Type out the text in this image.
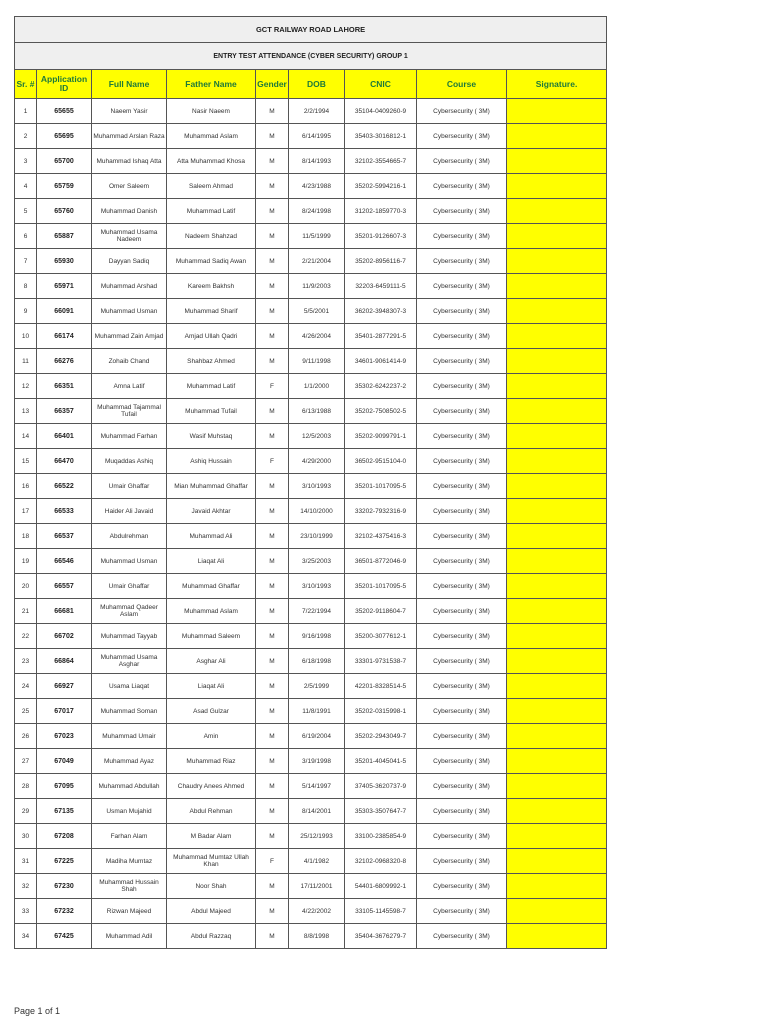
GCT RAILWAY ROAD LAHORE								
ENTRY TEST ATTENDANCE (CYBER SECURITY) GROUP 1								
Sr. #	Application ID	Full Name	Father Name	Gender	DOB	CNIC	Course	Signature.
1	65655	Naeem Yasir	Nasir Naeem	M	2/2/1994	35104-0409260-9	Cybersecurity ( 3M)	
2	65695	Muhammad Arslan Raza	Muhammad Aslam	M	6/14/1995	35403-3016812-1	Cybersecurity ( 3M)	
3	65700	Muhammad Ishaq Atta	Atta Muhammad Khosa	M	8/14/1993	32102-3554665-7	Cybersecurity ( 3M)	
4	65759	Omer Saleem	Saleem Ahmad	M	4/23/1988	35202-5994216-1	Cybersecurity ( 3M)	
5	65760	Muhammad Danish	Muhammad Latif	M	8/24/1998	31202-1859770-3	Cybersecurity ( 3M)	
6	65887	Muhammad Usama Nadeem	Nadeem Shahzad	M	11/5/1999	35201-9126607-3	Cybersecurity ( 3M)	
7	65930	Dayyan Sadiq	Muhammad Sadiq Awan	M	2/21/2004	35202-8956116-7	Cybersecurity ( 3M)	
8	65971	Muhammad Arshad	Kareem Bakhsh	M	11/9/2003	32203-6459111-5	Cybersecurity ( 3M)	
9	66091	Muhammad Usman	Muhammad Sharif	M	5/5/2001	36202-3948307-3	Cybersecurity ( 3M)	
10	66174	Muhammad Zain Amjad	Amjad Ullah Qadri	M	4/26/2004	35401-2877291-5	Cybersecurity ( 3M)	
11	66276	Zohaib Chand	Shahbaz Ahmed	M	9/11/1998	34601-9061414-9	Cybersecurity ( 3M)	
12	66351	Amna Latif	Muhammad Latif	F	1/1/2000	35302-6242237-2	Cybersecurity ( 3M)	
13	66357	Muhammad Tajammal Tufail	Muhammad Tufail	M	6/13/1988	35202-7508502-5	Cybersecurity ( 3M)	
14	66401	Muhammad Farhan	Wasif Muhstaq	M	12/5/2003	35202-9099791-1	Cybersecurity ( 3M)	
15	66470	Muqaddas Ashiq	Ashiq Hussain	F	4/29/2000	36502-9515104-0	Cybersecurity ( 3M)	
16	66522	Umair Ghaffar	Mian Muhammad Ghaffar	M	3/10/1993	35201-1017095-5	Cybersecurity ( 3M)	
17	66533	Haider Ali Javaid	Javaid Akhtar	M	14/10/2000	33202-7932316-9	Cybersecurity ( 3M)	
18	66537	Abdulrehman	Muhammad Ali	M	23/10/1999	32102-4375416-3	Cybersecurity ( 3M)	
19	66546	Muhammad Usman	Liaqat Ali	M	3/25/2003	36501-8772046-9	Cybersecurity ( 3M)	
20	66557	Umair Ghaffar	Muhammad Ghaffar	M	3/10/1993	35201-1017095-5	Cybersecurity ( 3M)	
21	66681	Muhammad Qadeer Aslam	Muhammad Aslam	M	7/22/1994	35202-9118604-7	Cybersecurity ( 3M)	
22	66702	Muhammad Tayyab	Muhammad Saleem	M	9/16/1998	35200-3077612-1	Cybersecurity ( 3M)	
23	66864	Muhammad Usama Asghar	Asghar Ali	M	6/18/1998	33301-9731538-7	Cybersecurity ( 3M)	
24	66927	Usama Liaqat	Liaqat Ali	M	2/5/1999	42201-8328514-5	Cybersecurity ( 3M)	
25	67017	Muhammad Soman	Asad Gulzar	M	11/8/1991	35202-0315998-1	Cybersecurity ( 3M)	
26	67023	Muhammad Umair	Amin	M	6/19/2004	35202-2943049-7	Cybersecurity ( 3M)	
27	67049	Muhammad Ayaz	Muhammad Riaz	M	3/19/1998	35201-4045041-5	Cybersecurity ( 3M)	
28	67095	Muhammad Abdullah	Chaudry Anees Ahmed	M	5/14/1997	37405-3620737-9	Cybersecurity ( 3M)	
29	67135	Usman Mujahid	Abdul Rehman	M	8/14/2001	35303-3507647-7	Cybersecurity ( 3M)	
30	67208	Farhan Alam	M Badar Alam	M	25/12/1993	33100-2385854-9	Cybersecurity ( 3M)	
31	67225	Madiha Mumtaz	Muhammad Mumtaz Ullah Khan	F	4/1/1982	32102-0968320-8	Cybersecurity ( 3M)	
32	67230	Muhammad Hussain Shah	Noor Shah	M	17/11/2001	54401-6809992-1	Cybersecurity ( 3M)	
33	67232	Rizwan Majeed	Abdul Majeed	M	4/22/2002	33105-1145598-7	Cybersecurity ( 3M)	
34	67425	Muhammad Adil	Abdul Razzaq	M	8/8/1998	35404-3676279-7	Cybersecurity ( 3M)	
Page 1 of 1
